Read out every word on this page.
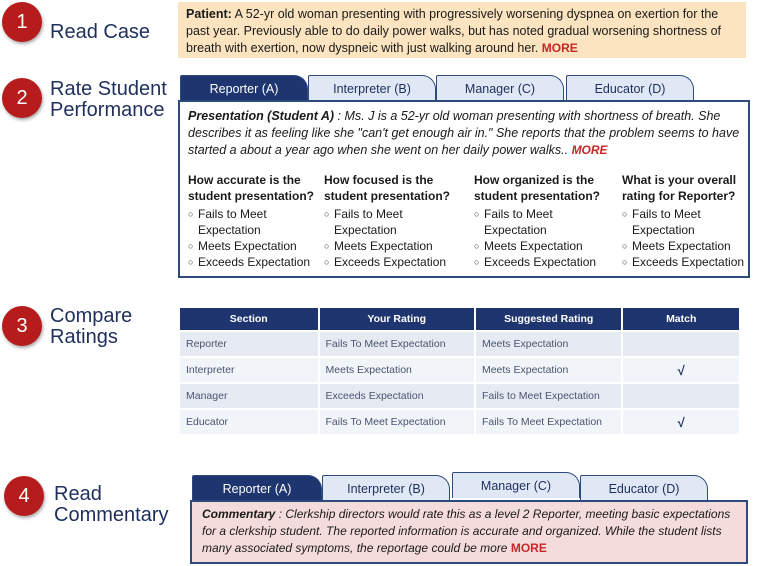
1 Read Case
Patient: A 52-yr old woman presenting with progressively worsening dyspnea on exertion for the past year. Previously able to do daily power walks, but has noted gradual worsening shortness of breath with exertion, now dyspneic with just walking around her. MORE
2 Rate Student
Performance
Reporter (A)	Interpreter (B)	Manager (C)	Educator (D)
Presentation (Student A) : Ms. J is a 52-yr old woman presenting with shortness of breath. She describes it as feeling like she "can't get enough air in." She reports that the problem seems to have started a about a year ago when she went on her daily power walks.. MORE
How accurate is the
student presentation?
○ Fails to Meet
Expectation
○ Meets Expectation
○ Exceeds Expectation
How focused is the
student presentation?
○ Fails to Meet
Expectation
○ Meets Expectation
○ Exceeds Expectation
How organized is the
student presentation?
○ Fails to Meet
Expectation
○ Meets Expectation
○ Exceeds Expectation
What is your overall
rating for Reporter?
○ Fails to Meet
Expectation
○ Meets Expectation
○ Exceeds Expectation
3 Compare
Ratings
Section	Your Rating	Suggested Rating	Match
Reporter	Fails To Meet Expectation	Meets Expectation	
Interpreter	Meets Expectation	Meets Expectation	√
Manager	Exceeds Expectation	Fails to Meet Expectation	
Educator	Fails To Meet Expectation	Fails To Meet Expectation	√
4 Read
Commentary
Reporter (A)	Interpreter (B)	Manager (C)	Educator (D)
Commentary : Clerkship directors would rate this as a level 2 Reporter, meeting basic expectations for a clerkship student. The reported information is accurate and organized. While the student lists many associated symptoms, the reportage could be more MORE
